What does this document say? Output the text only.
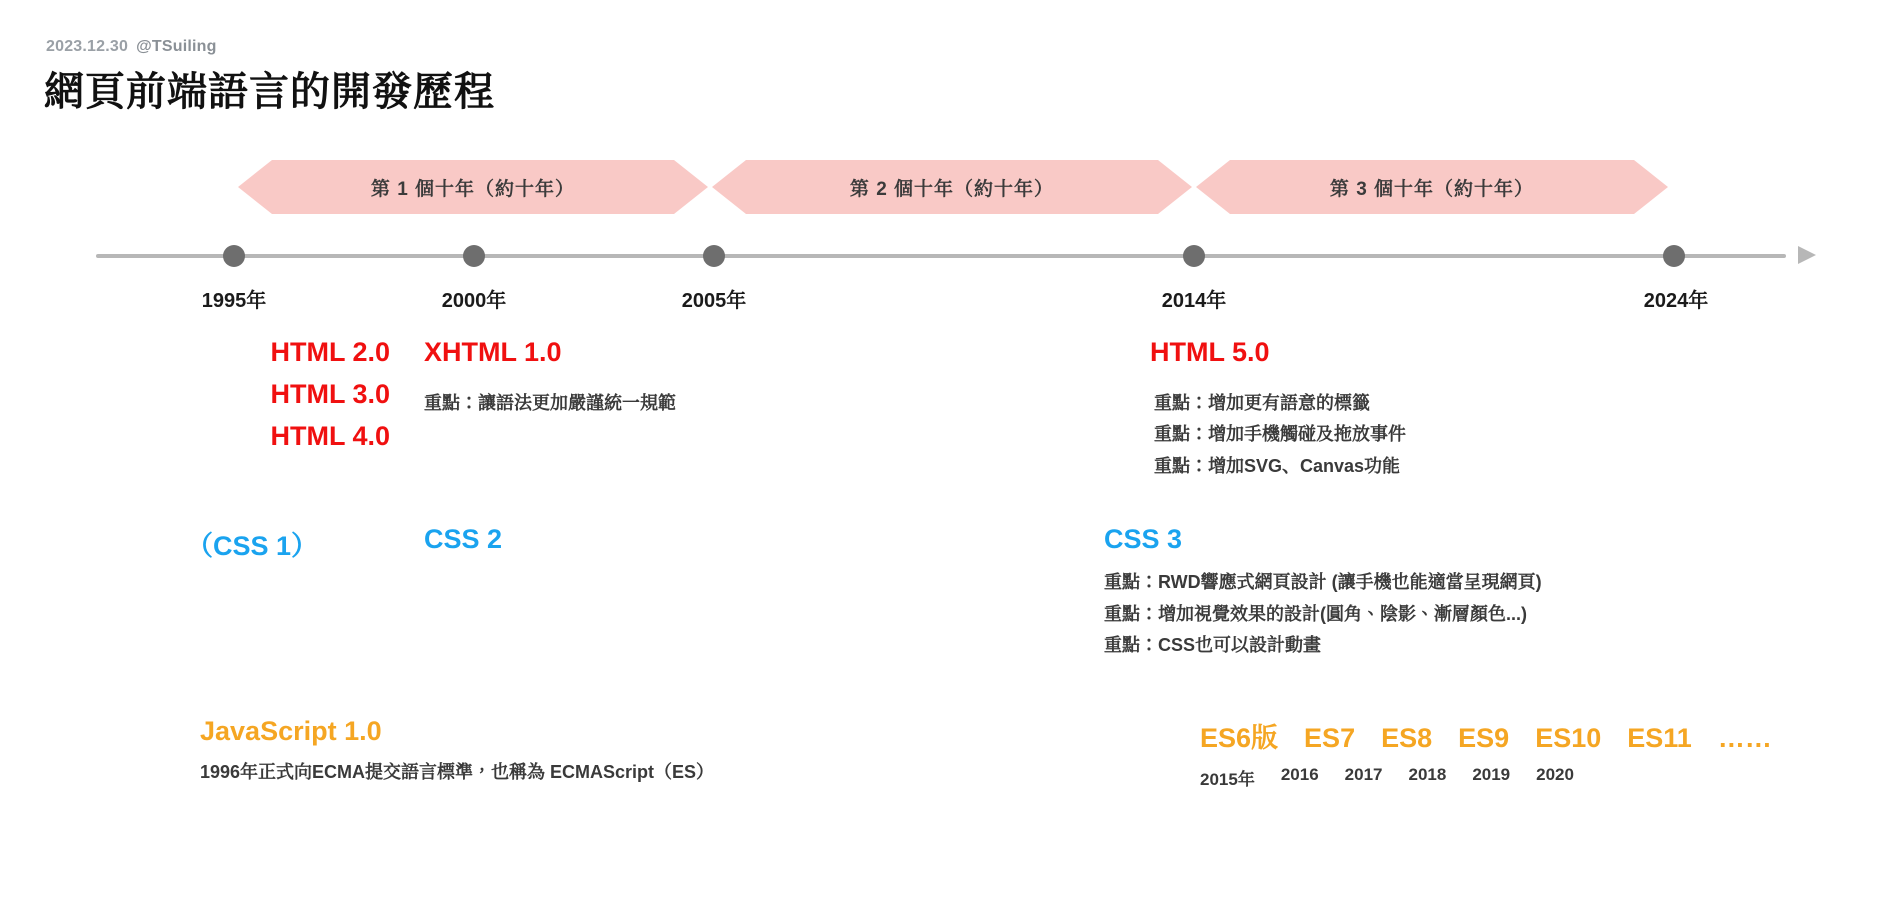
2023.12.30 @TSuiling
網頁前端語言的開發歷程
第 1 個十年（約十年）	第 2 個十年（約十年）	第 3 個十年（約十年）
1995年	2000年	2005年	2014年	2024年
HTML 2.0
HTML 3.0
HTML 4.0
XHTML 1.0
重點：讓語法更加嚴謹統一規範
HTML 5.0
重點：增加更有語意的標籤
重點：增加手機觸碰及拖放事件
重點：增加SVG、Canvas功能
（CSS 1）	CSS 2	CSS 3
重點：RWD響應式網頁設計 (讓手機也能適當呈現網頁)
重點：增加視覺效果的設計(圓角、陰影、漸層顏色...)
重點：CSS也可以設計動畫
JavaScript 1.0
1996年正式向ECMA提交語言標準，也稱為 ECMAScript（ES）
ES6版 ES7 ES8 ES9 ES10 ES11 ……
2015年 2016 2017 2018 2019 2020
